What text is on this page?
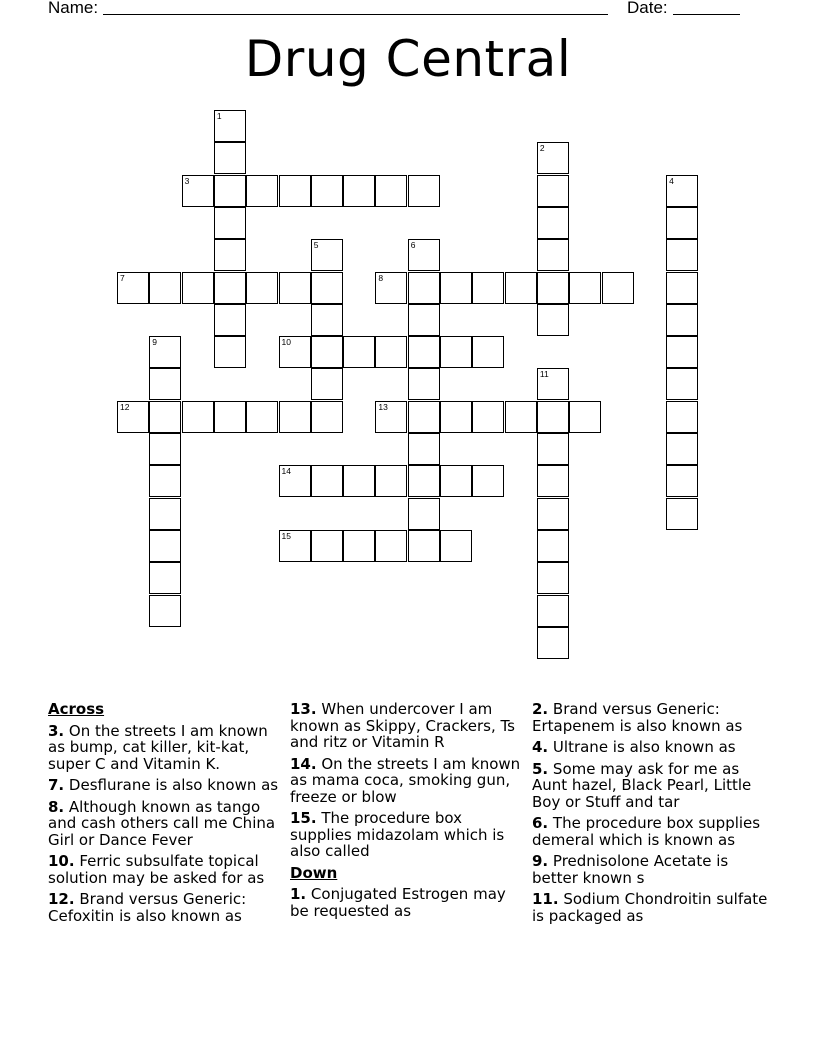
Name:	Date:
Drug Central
1
2
3	4
5	6
7	8
9	10
11
12	13
14
15
Across

3. On the streets I am known as bump, cat killer, kit-kat, super C and Vitamin K.

7. Desflurane is also known as

8. Although known as tango and cash others call me China Girl or Dance Fever

10. Ferric subsulfate topical solution may be asked for as

12. Brand versus Generic: Cefoxitin is also known as

13. When undercover I am known as Skippy, Crackers, Ts and ritz or Vitamin R

14. On the streets I am known as mama coca, smoking gun, freeze or blow

15. The procedure box supplies midazolam which is also called

Down

1. Conjugated Estrogen may be requested as

2. Brand versus Generic: Ertapenem is also known as

4. Ultrane is also known as

5. Some may ask for me as Aunt hazel, Black Pearl, Little Boy or Stuff and tar

6. The procedure box supplies demeral which is known as

9. Prednisolone Acetate is better known s

11. Sodium Chondroitin sulfate is packaged as
